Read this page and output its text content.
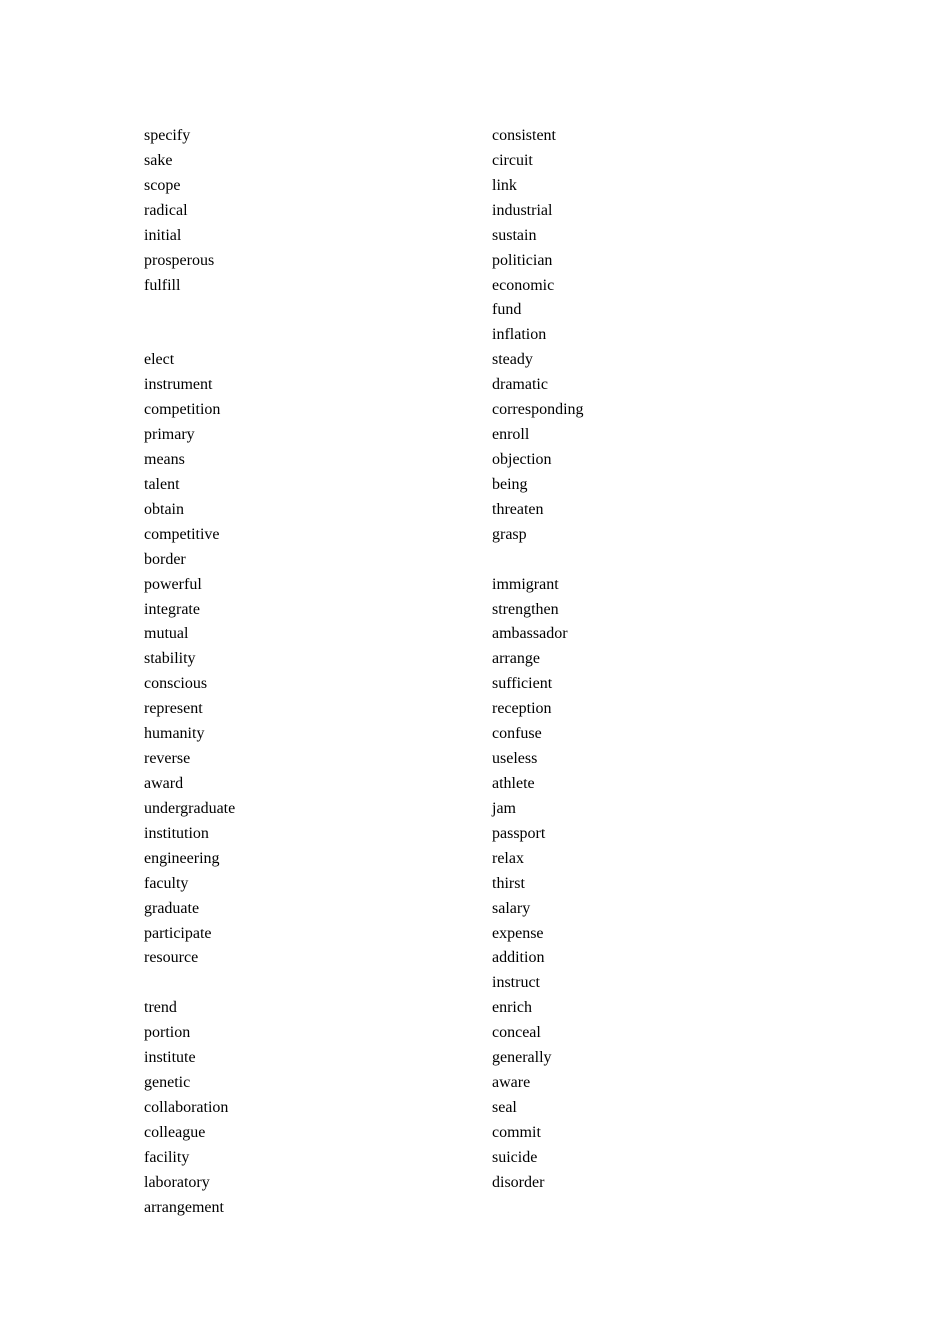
specify
sake
scope
radical
initial
prosperous
fulfill
elect
instrument
competition
primary
means
talent
obtain
competitive
border
powerful
integrate
mutual
stability
conscious
represent
humanity
reverse
award
undergraduate
institution
engineering
faculty
graduate
participate
resource
trend
portion
institute
genetic
collaboration
colleague
facility
laboratory
arrangement
consistent
circuit
link
industrial
sustain
politician
economic
fund
inflation
steady
dramatic
corresponding
enroll
objection
being
threaten
grasp
immigrant
strengthen
ambassador
arrange
sufficient
reception
confuse
useless
athlete
jam
passport
relax
thirst
salary
expense
addition
instruct
enrich
conceal
generally
aware
seal
commit
suicide
disorder
